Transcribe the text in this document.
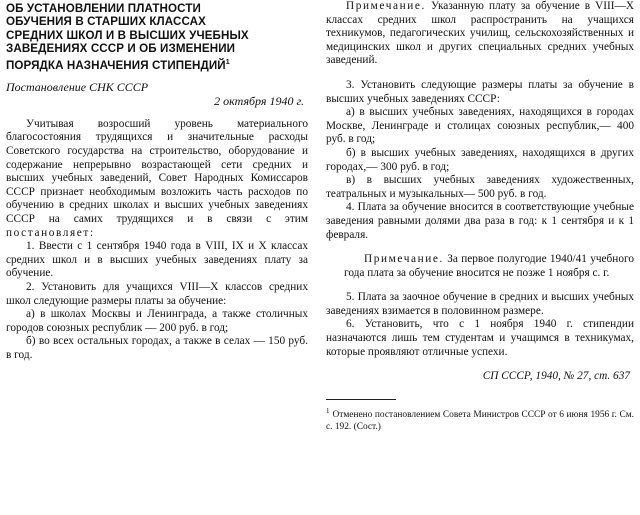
ОБ УСТАНОВЛЕНИИ ПЛАТНОСТИ
ОБУЧЕНИЯ В СТАРШИХ КЛАССАХ
СРЕДНИХ ШКОЛ И В ВЫСШИХ УЧЕБНЫХ
ЗАВЕДЕНИЯХ СССР И ОБ ИЗМЕНЕНИИ
ПОРЯДКА НАЗНАЧЕНИЯ СТИПЕНДИЙ$^1$
Постановление СНК СССР
2 октября 1940 г.

Учитывая возросший уровень материального благосостояния трудящихся и значительные расходы Советского государства на строительство, оборудование и содержание непрерывно возрастающей сети средних и высших учебных заведений, Совет Народных Комиссаров СССР признает необходимым возложить часть расходов по обучению в средних школах и высших учебных заведениях СССР на самих трудящихся и в связи с этим постановляет:

1. Ввести с 1 сентября 1940 года в VIII, IX и X классах средних школ и в высших учебных заведениях плату за обучение.

2. Установить для учащихся VIII—X классов средних школ следующие размеры платы за обучение:

а) в школах Москвы и Ленинграда, а также столичных городов союзных республик — 200 руб. в год;

б) во всех остальных городах, а также в селах — 150 руб. в год.

Примечание. Указанную плату за обучение в VIII—X классах средних школ распространить на учащихся техникумов, педагогических училищ, сельскохозяйственных и медицинских школ и других специальных средних учебных заведений.

3. Установить следующие размеры платы за обучение в высших учебных заведениях СССР:

а) в высших учебных заведениях, находящихся в городах Москве, Ленинграде и столицах союзных республик,— 400 руб. в год;

б) в высших учебных заведениях, находящихся в других городах,— 300 руб. в год;

в) в высших учебных заведениях художественных, театральных и музыкальных— 500 руб. в год.

4. Плата за обучение вносится в соответствующие учебные заведения равными долями два раза в год: к 1 сентября и к 1 февраля.

Примечание. За первое полугодие 1940/41 учебного года плата за обучение вносится не позже 1 ноября с. г.

5. Плата за заочное обучение в средних и высших учебных заведениях взимается в половинном размере.

6. Установить, что с 1 ноября 1940 г. стипендии назначаются лишь тем студентам и учащимся в техникумах, которые проявляют отличные успехи.

СП СССР, 1940, № 27, ст. 637
$^1$ Отменено постановлением Совета Министров СССР от 6 июня 1956 г. См. с. 192. (Сост.)
